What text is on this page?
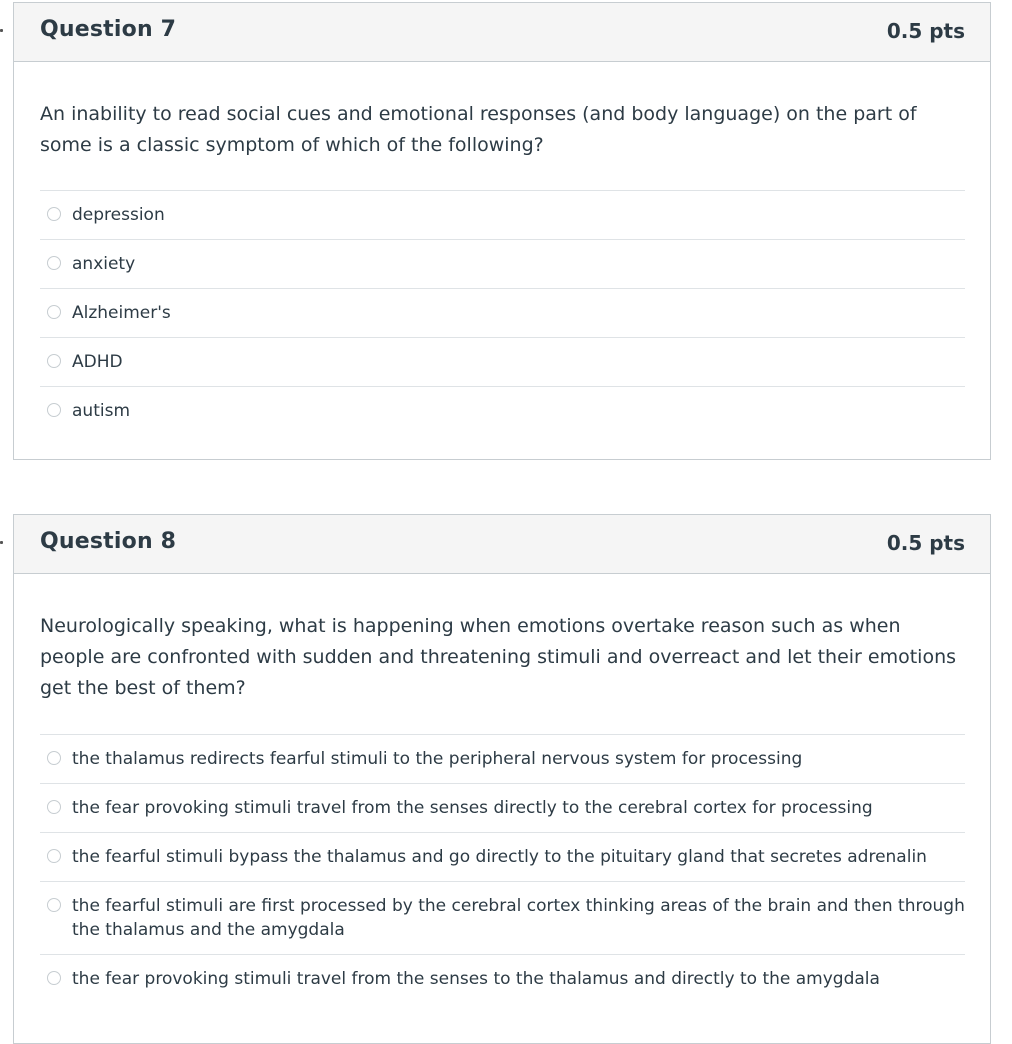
Question 7	0.5 pts
An inability to read social cues and emotional responses (and body language) on the part of some is a classic symptom of which of the following?
depression
anxiety
Alzheimer's
ADHD
autism
Question 8	0.5 pts
Neurologically speaking, what is happening when emotions overtake reason such as when people are confronted with sudden and threatening stimuli and overreact and let their emotions get the best of them?
the thalamus redirects fearful stimuli to the peripheral nervous system for processing
the fear provoking stimuli travel from the senses directly to the cerebral cortex for processing
the fearful stimuli bypass the thalamus and go directly to the pituitary gland that secretes adrenalin
the fearful stimuli are first processed by the cerebral cortex thinking areas of the brain and then through the thalamus and the amygdala
the fear provoking stimuli travel from the senses to the thalamus and directly to the amygdala
